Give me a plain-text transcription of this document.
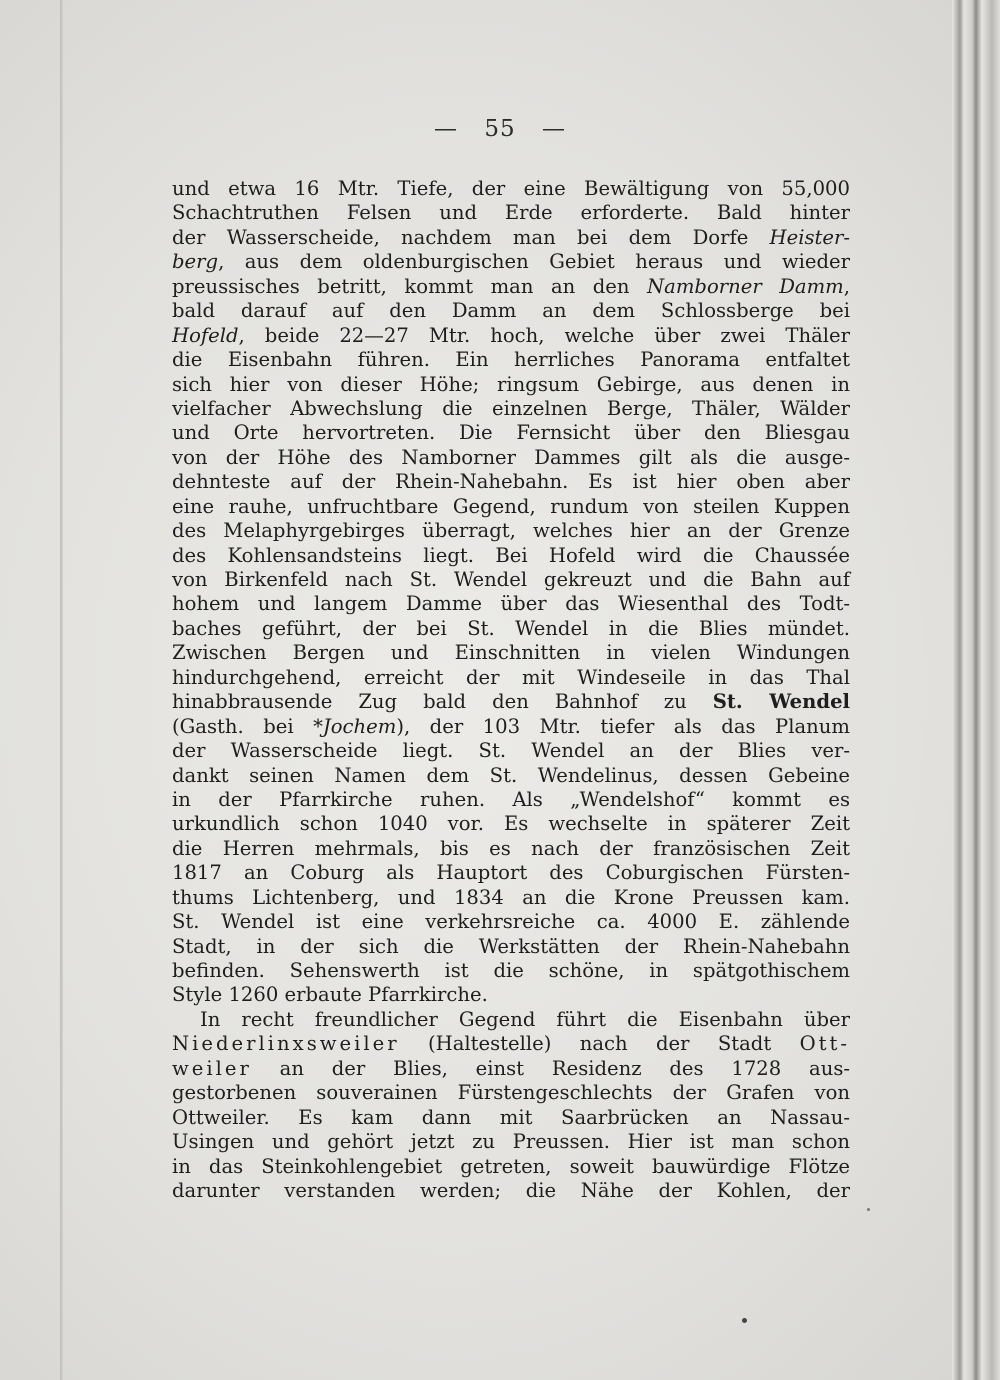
— 55 —
und etwa 16 Mtr. Tiefe, der eine Bewältigung von 55,000
Schachtruthen Felsen und Erde erforderte. Bald hinter
der Wasserscheide, nachdem man bei dem Dorfe Heister-
berg, aus dem oldenburgischen Gebiet heraus und wieder
preussisches betritt, kommt man an den Namborner Damm,
bald darauf auf den Damm an dem Schlossberge bei
Hofeld, beide 22—27 Mtr. hoch, welche über zwei Thäler
die Eisenbahn führen. Ein herrliches Panorama entfaltet
sich hier von dieser Höhe; ringsum Gebirge, aus denen in
vielfacher Abwechslung die einzelnen Berge, Thäler, Wälder
und Orte hervortreten. Die Fernsicht über den Bliesgau
von der Höhe des Namborner Dammes gilt als die ausge-
dehnteste auf der Rhein-Nahebahn. Es ist hier oben aber
eine rauhe, unfruchtbare Gegend, rundum von steilen Kuppen
des Melaphyrgebirges überragt, welches hier an der Grenze
des Kohlensandsteins liegt. Bei Hofeld wird die Chaussée
von Birkenfeld nach St. Wendel gekreuzt und die Bahn auf
hohem und langem Damme über das Wiesenthal des Todt-
baches geführt, der bei St. Wendel in die Blies mündet.
Zwischen Bergen und Einschnitten in vielen Windungen
hindurchgehend, erreicht der mit Windeseile in das Thal
hinabbrausende Zug bald den Bahnhof zu St. Wendel
(Gasth. bei *Jochem), der 103 Mtr. tiefer als das Planum
der Wasserscheide liegt. St. Wendel an der Blies ver-
dankt seinen Namen dem St. Wendelinus, dessen Gebeine
in der Pfarrkirche ruhen. Als „Wendelshof“ kommt es
urkundlich schon 1040 vor. Es wechselte in späterer Zeit
die Herren mehrmals, bis es nach der französischen Zeit
1817 an Coburg als Hauptort des Coburgischen Fürsten-
thums Lichtenberg, und 1834 an die Krone Preussen kam.
St. Wendel ist eine verkehrsreiche ca. 4000 E. zählende
Stadt, in der sich die Werkstätten der Rhein-Nahebahn
befinden. Sehenswerth ist die schöne, in spätgothischem
Style 1260 erbaute Pfarrkirche.
In recht freundlicher Gegend führt die Eisenbahn über
Niederlinxsweiler (Haltestelle) nach der Stadt Ott-
weiler an der Blies, einst Residenz des 1728 aus-
gestorbenen souverainen Fürstengeschlechts der Grafen von
Ottweiler. Es kam dann mit Saarbrücken an Nassau-
Usingen und gehört jetzt zu Preussen. Hier ist man schon
in das Steinkohlengebiet getreten, soweit bauwürdige Flötze
darunter verstanden werden; die Nähe der Kohlen, der
